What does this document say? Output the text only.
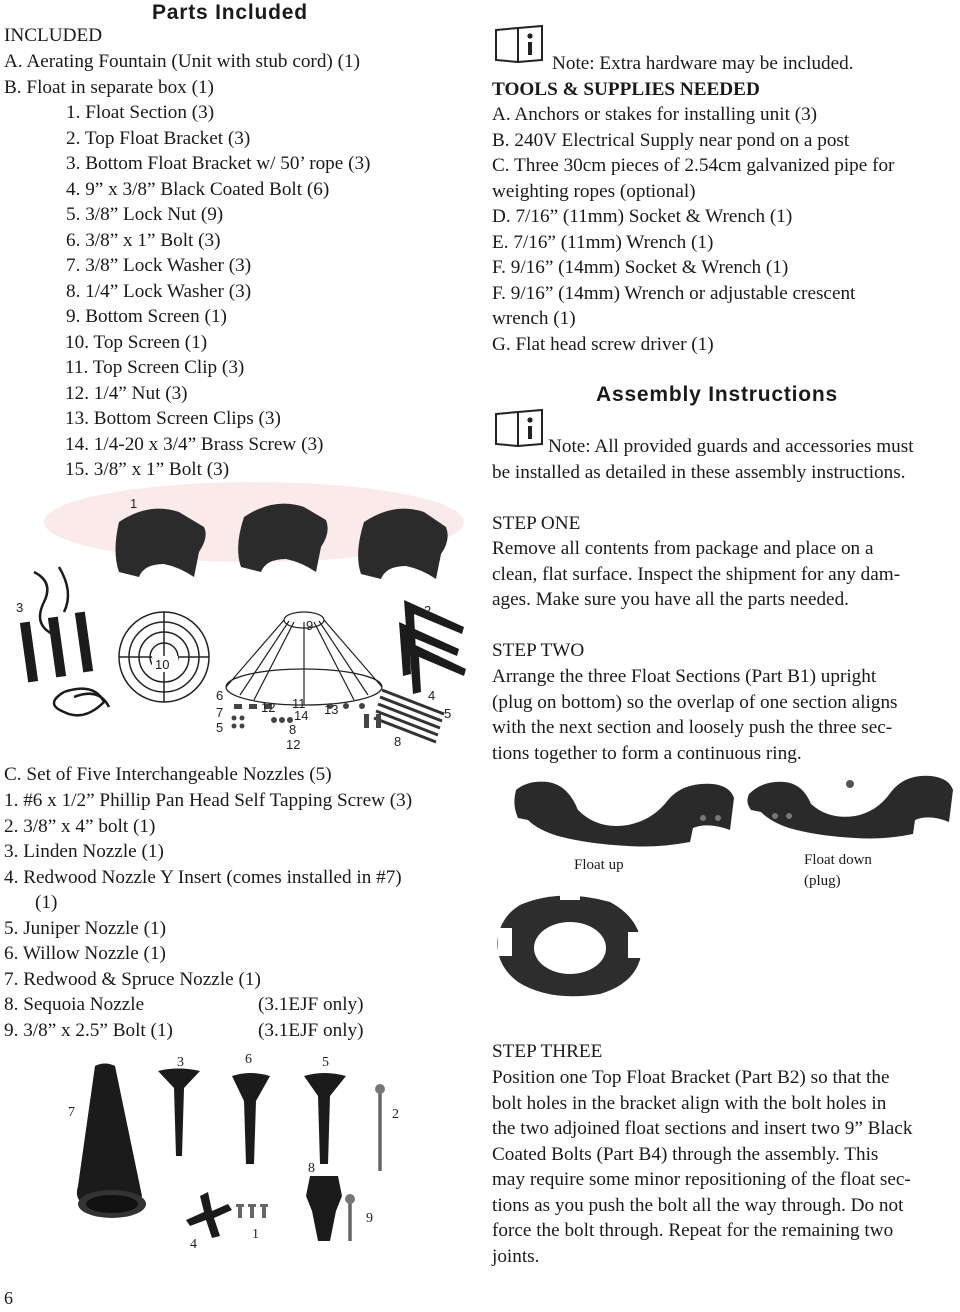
Parts Included
INCLUDED
A. Aerating Fountain (Unit with stub cord) (1)
B. Float in separate box (1)
1. Float Section (3)
2. Top Float Bracket (3)
3. Bottom Float Bracket w/ 50’ rope (3)
4. 9” x 3/8” Black Coated Bolt (6)
5. 3/8” Lock Nut (9)
6. 3/8” x 1” Bolt (3)
7. 3/8” Lock Washer (3)
8. 1/4” Lock Washer (3)
9. Bottom Screen (1)
10. Top Screen (1)
11. Top Screen Clip (3)
12. 1/4” Nut (3)
13. Bottom Screen Clips (3)
14. 1/4-20 x 3/4” Brass Screw (3)
15. 3/8” x 1” Bolt (3)
1
3
10
9
2
4
5
6
7
5	8
8
11
14 13
12
12
C. Set of Five Interchangeable Nozzles (5)
1. #6 x 1/2” Phillip Pan Head Self Tapping Screw (3)
2. 3/8” x 4” bolt (1)
3. Linden Nozzle (1)
4. Redwood Nozzle Y Insert (comes installed in #7)
(1)
5. Juniper Nozzle (1)
6. Willow Nozzle (1)
7. Redwood & Spruce Nozzle (1)
8. Sequoia Nozzle
9. 3/8” x 2.5” Bolt (1)
(3.1EJF only)
(3.1EJF only)
3	6	5
7	2
8
9
4
1
6
Note: Extra hardware may be included.
TOOLS & SUPPLIES NEEDED
A. Anchors or stakes for installing unit (3)
B. 240V Electrical Supply near pond on a post
C. Three 30cm pieces of 2.54cm galvanized pipe for
weighting ropes (optional)
D. 7/16” (11mm) Socket & Wrench (1)
E. 7/16” (11mm) Wrench (1)
F. 9/16” (14mm) Socket & Wrench (1)
F. 9/16” (14mm) Wrench or adjustable crescent
wrench (1)
G. Flat head screw driver (1)
Assembly Instructions
Note: All provided guards and accessories must
be installed as detailed in these assembly instructions.
STEP ONE
Remove all contents from package and place on a
clean, flat surface. Inspect the shipment for any dam-
ages. Make sure you have all the parts needed.
STEP TWO
Arrange the three Float Sections (Part B1) upright
(plug on bottom) so the overlap of one section aligns
with the next section and loosely push the three sec-
tions together to form a continuous ring.
Float up	Float down
(plug)
STEP THREE
Position one Top Float Bracket (Part B2) so that the
bolt holes in the bracket align with the bolt holes in
the two adjoined float sections and insert two 9” Black
Coated Bolts (Part B4) through the assembly. This
may require some minor repositioning of the float sec-
tions as you push the bolt all the way through. Do not
force the bolt through. Repeat for the remaining two
joints.
